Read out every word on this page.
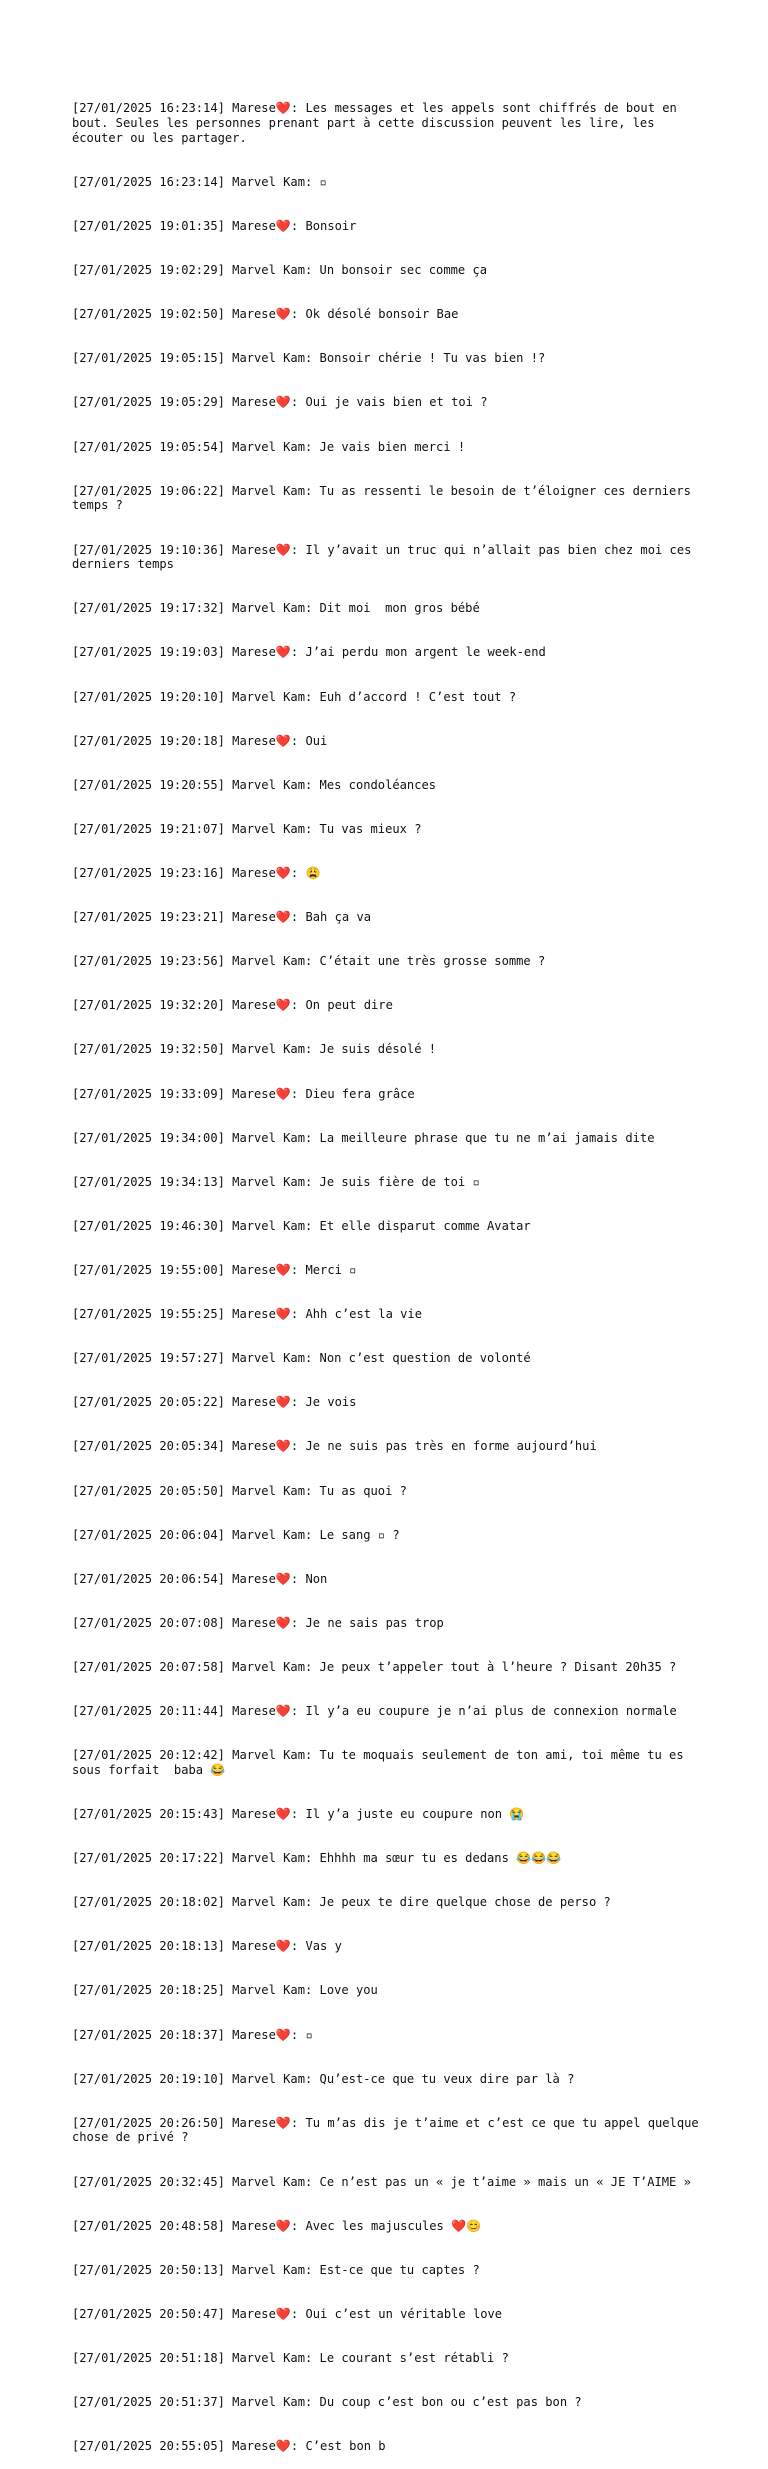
[27/01/2025 16:23:14] Marese❤️: Les messages et les appels sont chiffrés de bout en bout. Seules les personnes prenant part à cette discussion peuvent les lire, les écouter ou les partager.

[27/01/2025 16:23:14] Marvel Kam: ▫

[27/01/2025 19:01:35] Marese❤️: Bonsoir

[27/01/2025 19:02:29] Marvel Kam: Un bonsoir sec comme ça

[27/01/2025 19:02:50] Marese❤️: Ok désolé bonsoir Bae

[27/01/2025 19:05:15] Marvel Kam: Bonsoir chérie ! Tu vas bien !?

[27/01/2025 19:05:29] Marese❤️: Oui je vais bien et toi ?

[27/01/2025 19:05:54] Marvel Kam: Je vais bien merci !

[27/01/2025 19:06:22] Marvel Kam: Tu as ressenti le besoin de t’éloigner ces derniers temps ?

[27/01/2025 19:10:36] Marese❤️: Il y’avait un truc qui n’allait pas bien chez moi ces derniers temps

[27/01/2025 19:17:32] Marvel Kam: Dit moi  mon gros bébé

[27/01/2025 19:19:03] Marese❤️: J’ai perdu mon argent le week-end

[27/01/2025 19:20:10] Marvel Kam: Euh d’accord ! C’est tout ?

[27/01/2025 19:20:18] Marese❤️: Oui

[27/01/2025 19:20:55] Marvel Kam: Mes condoléances

[27/01/2025 19:21:07] Marvel Kam: Tu vas mieux ?

[27/01/2025 19:23:16] Marese❤️: 😩

[27/01/2025 19:23:21] Marese❤️: Bah ça va

[27/01/2025 19:23:56] Marvel Kam: C’était une très grosse somme ?

[27/01/2025 19:32:20] Marese❤️: On peut dire

[27/01/2025 19:32:50] Marvel Kam: Je suis désolé !

[27/01/2025 19:33:09] Marese❤️: Dieu fera grâce

[27/01/2025 19:34:00] Marvel Kam: La meilleure phrase que tu ne m’ai jamais dite

[27/01/2025 19:34:13] Marvel Kam: Je suis fière de toi ▫

[27/01/2025 19:46:30] Marvel Kam: Et elle disparut comme Avatar

[27/01/2025 19:55:00] Marese❤️: Merci ▫

[27/01/2025 19:55:25] Marese❤️: Ahh c’est la vie

[27/01/2025 19:57:27] Marvel Kam: Non c’est question de volonté

[27/01/2025 20:05:22] Marese❤️: Je vois

[27/01/2025 20:05:34] Marese❤️: Je ne suis pas très en forme aujourd’hui

[27/01/2025 20:05:50] Marvel Kam: Tu as quoi ?

[27/01/2025 20:06:04] Marvel Kam: Le sang ▫ ?

[27/01/2025 20:06:54] Marese❤️: Non

[27/01/2025 20:07:08] Marese❤️: Je ne sais pas trop

[27/01/2025 20:07:58] Marvel Kam: Je peux t’appeler tout à l’heure ? Disant 20h35 ?

[27/01/2025 20:11:44] Marese❤️: Il y’a eu coupure je n’ai plus de connexion normale

[27/01/2025 20:12:42] Marvel Kam: Tu te moquais seulement de ton ami, toi même tu es sous forfait  baba 😂

[27/01/2025 20:15:43] Marese❤️: Il y’a juste eu coupure non 😭

[27/01/2025 20:17:22] Marvel Kam: Ehhhh ma sœur tu es dedans 😂😂😂

[27/01/2025 20:18:02] Marvel Kam: Je peux te dire quelque chose de perso ?

[27/01/2025 20:18:13] Marese❤️: Vas y

[27/01/2025 20:18:25] Marvel Kam: Love you

[27/01/2025 20:18:37] Marese❤️: ▫

[27/01/2025 20:19:10] Marvel Kam: Qu’est-ce que tu veux dire par là ?

[27/01/2025 20:26:50] Marese❤️: Tu m’as dis je t’aime et c’est ce que tu appel quelque chose de privé ?

[27/01/2025 20:32:45] Marvel Kam: Ce n’est pas un « je t’aime » mais un « JE T’AIME »

[27/01/2025 20:48:58] Marese❤️: Avec les majuscules ❤️😊

[27/01/2025 20:50:13] Marvel Kam: Est-ce que tu captes ?

[27/01/2025 20:50:47] Marese❤️: Oui c’est un véritable love

[27/01/2025 20:51:18] Marvel Kam: Le courant s’est rétabli ?

[27/01/2025 20:51:37] Marvel Kam: Du coup c’est bon ou c’est pas bon ?

[27/01/2025 20:55:05] Marese❤️: C’est bon b
